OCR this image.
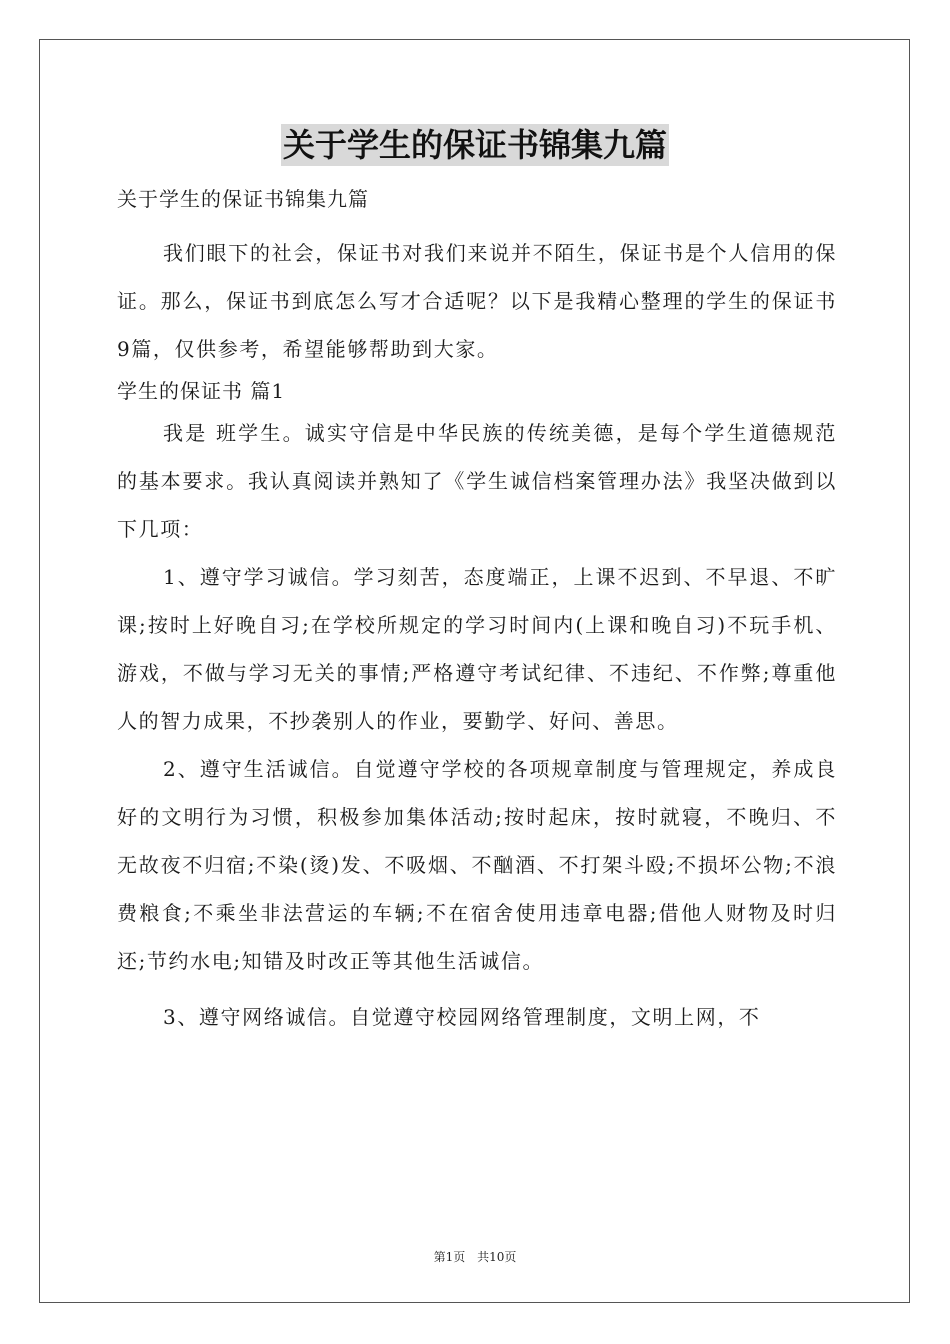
关于学生的保证书锦集九篇

关于学生的保证书锦集九篇

我们眼下的社会，保证书对我们来说并不陌生，保证书是个人信用的保证。那么，保证书到底怎么写才合适呢？以下是我精心整理的学生的保证书9篇，仅供参考，希望能够帮助到大家。

学生的保证书 篇1

我是 班学生。诚实守信是中华民族的传统美德，是每个学生道德规范的基本要求。我认真阅读并熟知了《学生诚信档案管理办法》我坚决做到以下几项：

1、遵守学习诚信。学习刻苦，态度端正，上课不迟到、不早退、不旷课;按时上好晚自习;在学校所规定的学习时间内(上课和晚自习)不玩手机、游戏，不做与学习无关的事情;严格遵守考试纪律、不违纪、不作弊;尊重他人的智力成果，不抄袭别人的作业，要勤学、好问、善思。

2、遵守生活诚信。自觉遵守学校的各项规章制度与管理规定，养成良好的文明行为习惯，积极参加集体活动;按时起床，按时就寝，不晚归、不无故夜不归宿;不染(烫)发、不吸烟、不酗酒、不打架斗殴;不损坏公物;不浪费粮食;不乘坐非法营运的车辆;不在宿舍使用违章电器;借他人财物及时归还;节约水电;知错及时改正等其他生活诚信。

3、遵守网络诚信。自觉遵守校园网络管理制度，文明上网，不

第1页 共10页
